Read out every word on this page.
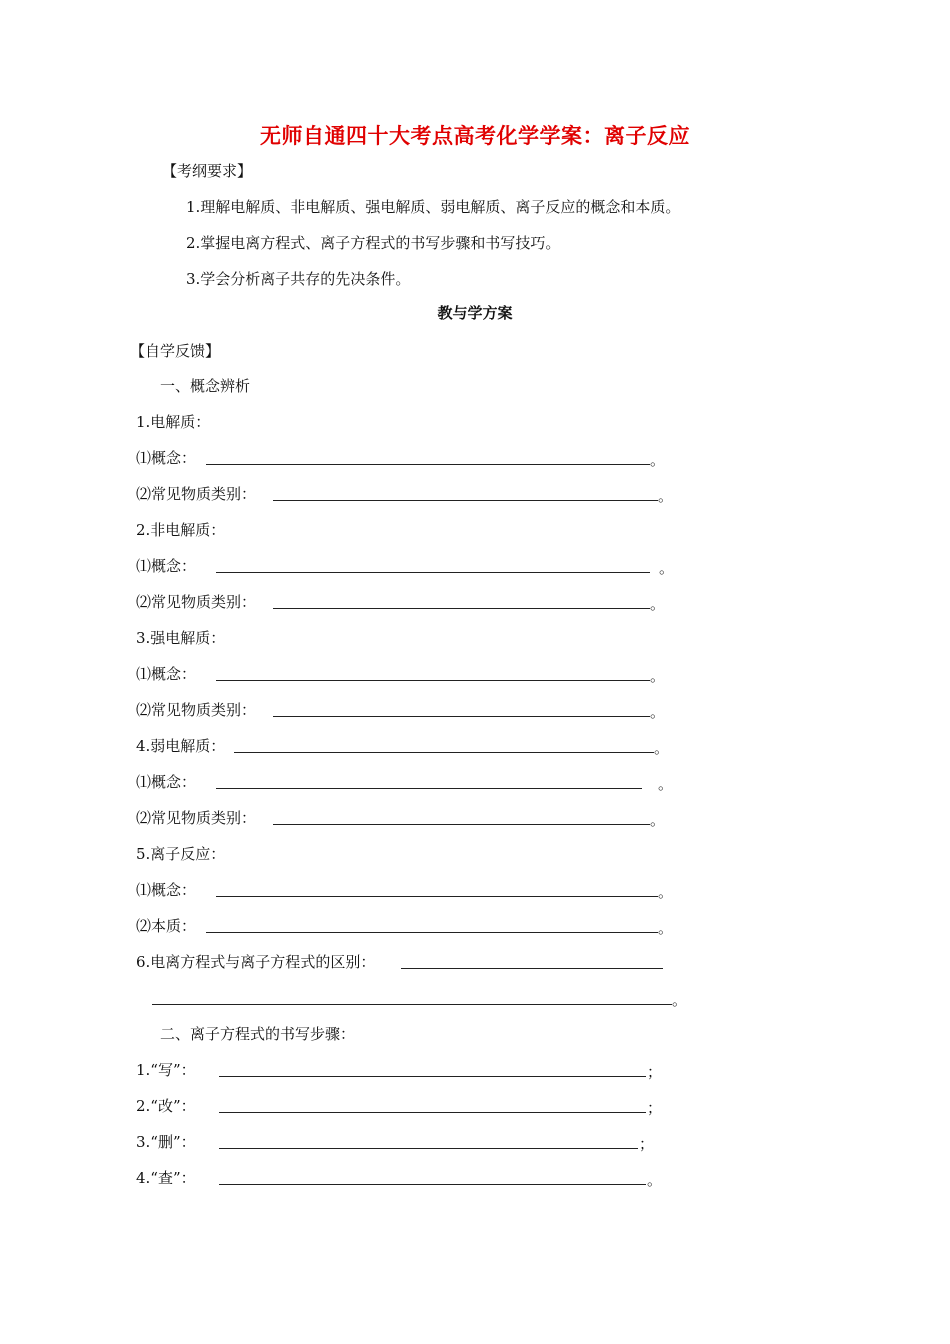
无师自通四十大考点高考化学学案：离子反应
【考纲要求】
1.理解电解质、非电解质、强电解质、弱电解质、离子反应的概念和本质。
2.掌握电离方程式、离子方程式的书写步骤和书写技巧。
3.学会分析离子共存的先决条件。
教与学方案
【自学反馈】
一、概念辨析
1.电解质：
⑴概念：	。
⑵常见物质类别：	。
2.非电解质：
⑴概念：	。
⑵常见物质类别：	。
3.强电解质：
⑴概念：	。
⑵常见物质类别：	。
4.弱电解质：	。
⑴概念：	。
⑵常见物质类别：	。
5.离子反应：
⑴概念：	。
⑵本质：	。
6.电离方程式与离子方程式的区别：
。
二、离子方程式的书写步骤：
1.“写”：	；
2.“改”：	；
3.“删”：	；
4.“查”：	。
